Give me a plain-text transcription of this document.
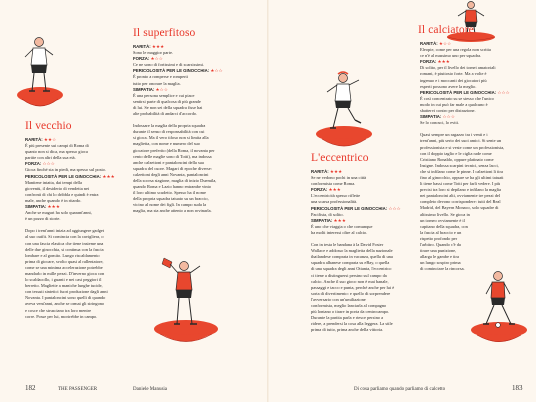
Il vecchio
RARITÀ: ★★☆

È più presente sui campi di Roma di

quanto non si dica, ma spesso gioca

partite con altri della sua età.

FORZA: ☆☆☆

Gioca finché sta in piedi, ma spesso sul posto.

PERICOLOSITÀ PER LE GINOCCHIA: ★★★

Mantiene intatta, dai tempi della

gioventù, il desiderio di vendetta nei

confronti di chi lo dribbla e quindi è entra

male, anche quando è in ritardo.

SIMPATIA: ★★★

Anche se magari ha solo quarant'anni,

è un pozzo di storie.

Dopo i trent'anni inizia ad aggiungere gadget

al suo outfit. Si comincia con la cavigliera, o

con una fascia elastica che tiene insieme una

delle due ginocchia, si continua con la fascia

lombare e al gomito. Lungo riscaldamento

prima di giocare, svolto quasi al rallentatore,

come se una minima accelerazione potrebbe

mandarlo in mille pezzi. D'inverno gioca con

lo scaldacollo, i guanti e nei casi peggiori il

berretto. Magliette a maniche lunghe tucide,

con tessuti sintetici fuori produzione dagli anni

Novanta. I pantaloncini sono quelli di quando

aveva vent'anni, anche se ormai gli stringono

e cosce che strusciano tra loro mentre

corre. Posse per lui, morirebbe in campo.

Il superfitoso
RARITÀ: ★★★

Sono le maggior parte.

FORZA: ★☆☆

Ce ne sono di fortissimi e di scarsissimi.

PERICOLOSITÀ PER LE GINOCCHIA: ★☆☆

È pronto a romperse e romperti

tutto per onorare la maglia.

SIMPATIA: ★☆☆

È una persona semplice e cui piace

sentirsi parte di qualcosa di più grande

di lui. Se non sei della squadra fisse hai

alte probabilità di andarci d'accordo.

Indossare la maglia della propria squadra

durante il senso di responsabilità con cui

si gioca. Ma il vero tifoso non si limita alla

maglietta, con nome e numero del suo

giocatore preferito (della Roma, il novanta per

cento delle maglie sono di Totti), ma indossa

anche calzettoni e pantaloncini della sua

squadra del cuore. Magari di epoche diverse:

calzettoni degli anni Novanta, pantaloncini

della scorsa stagione, maglia di inizio Duemila,

quando Roma e Lazio hanno entrambe vinto

il loro ultimo scudetto. Spesso ha il nome

della propria squadra tatuato su un braccio,

vicino al nome dei figli. In campo suda la

maglia, ma sta anche attento a non rovinarla.

182	THE PASSENGER	Daniele Manusia
L'eccentrico
RARITÀ: ★★★

Se ne vedono pochi in una città

conformista come Roma.

FORZA: ★★★

L'eccentricità spesso riflette

una scarsa professionalità.

PERICOLOSITÀ PER LE GINOCCHIA: ☆☆☆

Pacifista, di solito.

SIMPATIA: ★★★

È uno che viaggia o che comunque

ha molti interessi oltre al calcio.

Con in testa le bandana à la David Foster

Wallace e addosso la maglietta della nazionale

thailandese comprata in vacanza, quella di una

squadra albanese comprata su eBay, o quella

di una squadra degli anni Ottanta, l'eccentrico

ci tiene a distinguersi persino sul campo da

calcio. Anche il suo gioco non è mai banale,

passaggi e tacco e punta, perché anche per lui è

sorta di divertimento: e quello di sorprendere

l'avversario con un'umiliazione

conformista, meglio lanciarla al compagno

più lontano o tirare in porta da centrocampo.

Durante la partita parla e riesce persino a

ridere, a prendersi la cosa alla leggera. La stile

prima di tutto, prima anche della vittoria.

Il calciatore
RARITÀ: ★☆☆

Eleopie, come per una regola non scritta

ce n'è al massimo uno per squadra.

FORZA: ★★★

Di solito, per il livello dei tornei amatoriali

romani, è piuttosto forte. Ma a volte è

ingenuo e i moccanti dei giocatori più

esperti possono avere la meglio.

PERICOLOSITÀ PER LE GINOCCHIA: ☆☆☆

È così concentrato su se stesso che l'unico

modo in cui può far male a qualcuno è

sbattervi contro per distrazione.

SIMPATIA: ☆☆☆

Se lo conosci, lo eviti.

Quasi sempre un ragazzo tra i venti e i

trent'anni, più serio dei suoi amici. Si sente un

professionista e si veste come un professionista,

con il doppio taglio e le ciglia rade come

Cristiano Ronaldo, oppure platinato come

Insigne. Indossa scarpini tecnici, senza lacci,

che si infilano come le pinne. I calzettoni li tira

fino al ginocchio, oppure se ha gli ultimi tatuati

li tiene bassi come Totti per farli vedere. I più

precisi tra loro si depilano e infilano la maglia

nei pantaloncini alti, ovviamente tre pezzi del

completo devono corrispondere: tutti del Real

Madrid, del Bayern Monaco, solo squadre di

altissimo livello. Se gioca in

un torneo ovviamente è il

capitano della squadra, con

la fascia al braccio e un

rispetto profondo per

l'arbitro. Quando c'è da

tirare una punizione,

allarga le gambe e tira

un lungo sospiro prima

di cominciare la rincorsa.

Di cosa parliamo quando parliamo di calcetto	183
